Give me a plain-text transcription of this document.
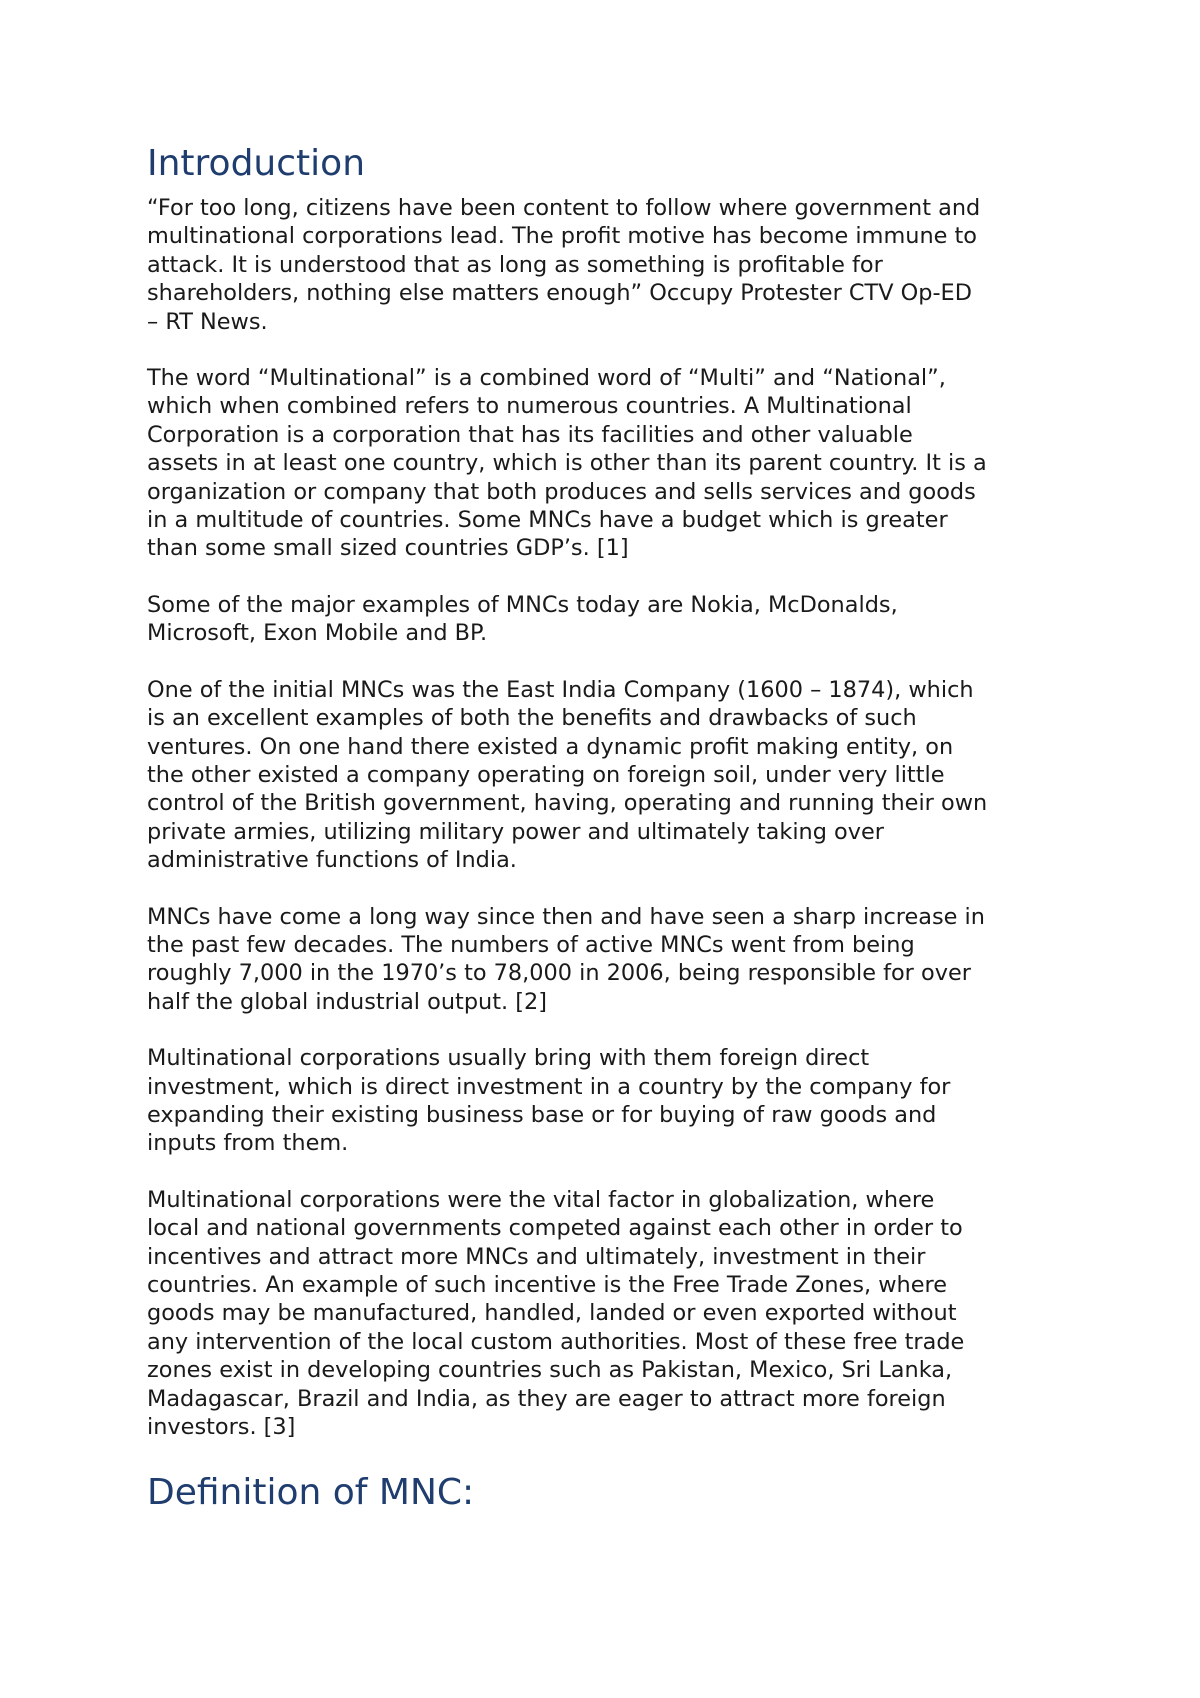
Introduction

“For too long, citizens have been content to follow where government and
multinational corporations lead. The profit motive has become immune to
attack. It is understood that as long as something is profitable for
shareholders, nothing else matters enough” Occupy Protester CTV Op-ED
– RT News.

The word “Multinational” is a combined word of “Multi” and “National”,
which when combined refers to numerous countries. A Multinational
Corporation is a corporation that has its facilities and other valuable
assets in at least one country, which is other than its parent country. It is a
organization or company that both produces and sells services and goods
in a multitude of countries. Some MNCs have a budget which is greater
than some small sized countries GDP’s. [1]

Some of the major examples of MNCs today are Nokia, McDonalds,
Microsoft, Exon Mobile and BP.

One of the initial MNCs was the East India Company (1600 – 1874), which
is an excellent examples of both the benefits and drawbacks of such
ventures. On one hand there existed a dynamic profit making entity, on
the other existed a company operating on foreign soil, under very little
control of the British government, having, operating and running their own
private armies, utilizing military power and ultimately taking over
administrative functions of India.

MNCs have come a long way since then and have seen a sharp increase in
the past few decades. The numbers of active MNCs went from being
roughly 7,000 in the 1970’s to 78,000 in 2006, being responsible for over
half the global industrial output. [2]

Multinational corporations usually bring with them foreign direct
investment, which is direct investment in a country by the company for
expanding their existing business base or for buying of raw goods and
inputs from them.

Multinational corporations were the vital factor in globalization, where
local and national governments competed against each other in order to
incentives and attract more MNCs and ultimately, investment in their
countries. An example of such incentive is the Free Trade Zones, where
goods may be manufactured, handled, landed or even exported without
any intervention of the local custom authorities. Most of these free trade
zones exist in developing countries such as Pakistan, Mexico, Sri Lanka,
Madagascar, Brazil and India, as they are eager to attract more foreign
investors. [3]

Definition of MNC:
